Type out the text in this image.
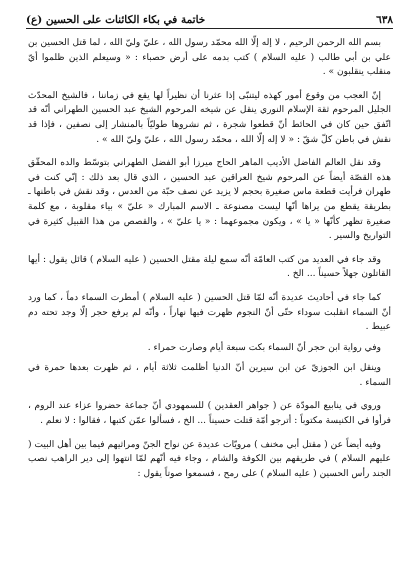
٦٣٨
خاتمة في بكاء الكائنات على الحسين (ع)

بسم الله الرحمن الرحيم ، لا إله إلّا الله محمّد رسول الله ، عليّ وليّ الله ، لما قتل الحسين بن علي بن أبي طالب ( عليه السلام ) كتب بدمه على أرض حصباء : « وسيعلم الذين ظلموا أيّ منقلب ينقلبون » .

إنّ العجب من وقوع أمور كهذه ليتنبّى إذا عثرنا أن نظيراً لها يقع في زماننا ، فالشيخ المحدّث الجليل المرحوم ثقة الإسلام النوري ينقل عن شيخه المرحوم الشيخ عبد الحسين الطهراني أنّه قد اتّفق حين كان في الحائط أنّ قطعوا شجرة ، ثم نشروها طوليّاً بالمنشار إلى نصفين ، فإذا قد نقش في باطن كلّ شقّ : « لا إله إلّا الله ، محمّد رسول الله ، عليّ وليّ الله » .

وقد نقل العالم الفاضل الأديب الماهر الحاج ميرزا أبو الفضل الطهراني بتوسّط والده المحقّق هذه القصّة أيضاً عن المرحوم شيخ العراقين عبد الحسين ، الذي قال بعد ذلك : إنّي كنت في طهران فرأيت قطعة ماس صغيرة بحجم لا يزيد عن نصف حبّة من العدس ، وقد نقش في باطنها ـ بطريقة يقطع من يراها أنّها ليست مصنوعة ـ الاسم المبارك « عليّ » بياء مقلوبة ، مع كلمة صغيرة تظهر كأنّها « يا » ، ويكون مجموعهما : « يا عليّ » ، والقصص من هذا القبيل كثيرة في التواريخ والسير .

وقد جاء في العديد من كتب العامّة أنّه سمع ليلة مقتل الحسين ( عليه السلام ) قائل يقول : أيها القاتلون جهلاً حسيناً ... الخ .

كما جاء في أحاديث عديدة أنّه لمّا قتل الحسين ( عليه السلام ) أمطرت السماء دماً ، كما ورد أنّ السماء انقلبت سوداء حتّى أنّ النجوم ظهرت فيها نهاراً ، وأنّه لم يرفع حجر إلّا وجد تحته دم عبيط .

وفي رواية ابن حجر أنّ السماء بكت سبعة أيام وصارت حمراء .

وينقل ابن الجوزيّ عن ابن سيرين أنّ الدنيا أظلمت ثلاثة أيام ، ثم ظهرت بعدها حمرة في السماء .

وروي في ينابيع المودّة عن ( جواهر العقدين ) للسمهودي أنّ جماعة حضروا عزاء عند الروم ، فرأوا في الكنيسة مكتوباً : أترجو أمّة قتلت حسيناً ... الخ ، فسألوا عمّن كتبها ، فقالوا : لا نعلم .

وفيه أيضاً عن ( مقتل أبي مخنف ) مرويّات عديدة عن نواح الجنّ ومراثيهم فيما بين أهل البيت ( عليهم السلام ) في طريقهم بين الكوفة والشام ، وجاء فيه أنّهم لمّا انتهوا إلى دير الراهب نصب الجند رأس الحسين ( عليه السلام ) على رمح ، فسمعوا صوتاً يقول :
